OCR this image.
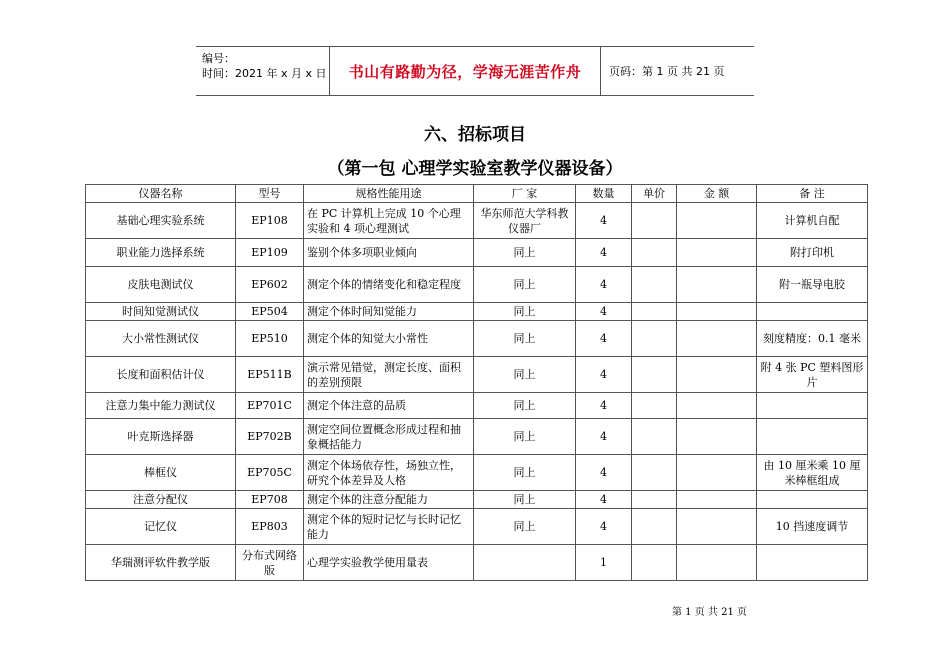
编号：
时间：2021 年 x 月 x 日	书山有路勤为径，学海无涯苦作舟	页码：第 1 页 共 21 页
六、招标项目
（第一包 心理学实验室教学仪器设备）
仪器名称	型号	规格性能用途	厂 家	数量	单价	金 额	备 注
基础心理实验系统	EP108	在 PC 计算机上完成 10 个心理实验和 4 项心理测试	华东师范大学科教仪器厂	4			计算机自配
职业能力选择系统	EP109	鉴别个体多项职业倾向	同上	4			附打印机
皮肤电测试仪	EP602	测定个体的情绪变化和稳定程度	同上	4			附一瓶导电胶
时间知觉测试仪	EP504	测定个体时间知觉能力	同上	4			
大小常性测试仪	EP510	测定个体的知觉大小常性	同上	4			刻度精度：0.1 毫米
长度和面积估计仪	EP511B	演示常见错觉，测定长度、面积的差别预限	同上	4			附 4 张 PC 塑料图形片
注意力集中能力测试仪	EP701C	测定个体注意的品质	同上	4			
叶克斯选择器	EP702B	测定空间位置概念形成过程和抽象概括能力	同上	4			
棒框仪	EP705C	测定个体场依存性，场独立性，研究个体差异及人格	同上	4			由 10 厘米乘 10 厘米棒框组成
注意分配仪	EP708	测定个体的注意分配能力	同上	4			
记忆仪	EP803	测定个体的短时记忆与长时记忆能力	同上	4			10 挡速度调节
华瑞测评软件教学版	分布式网络版	心理学实验教学使用量表		1			
第 1 页 共 21 页
